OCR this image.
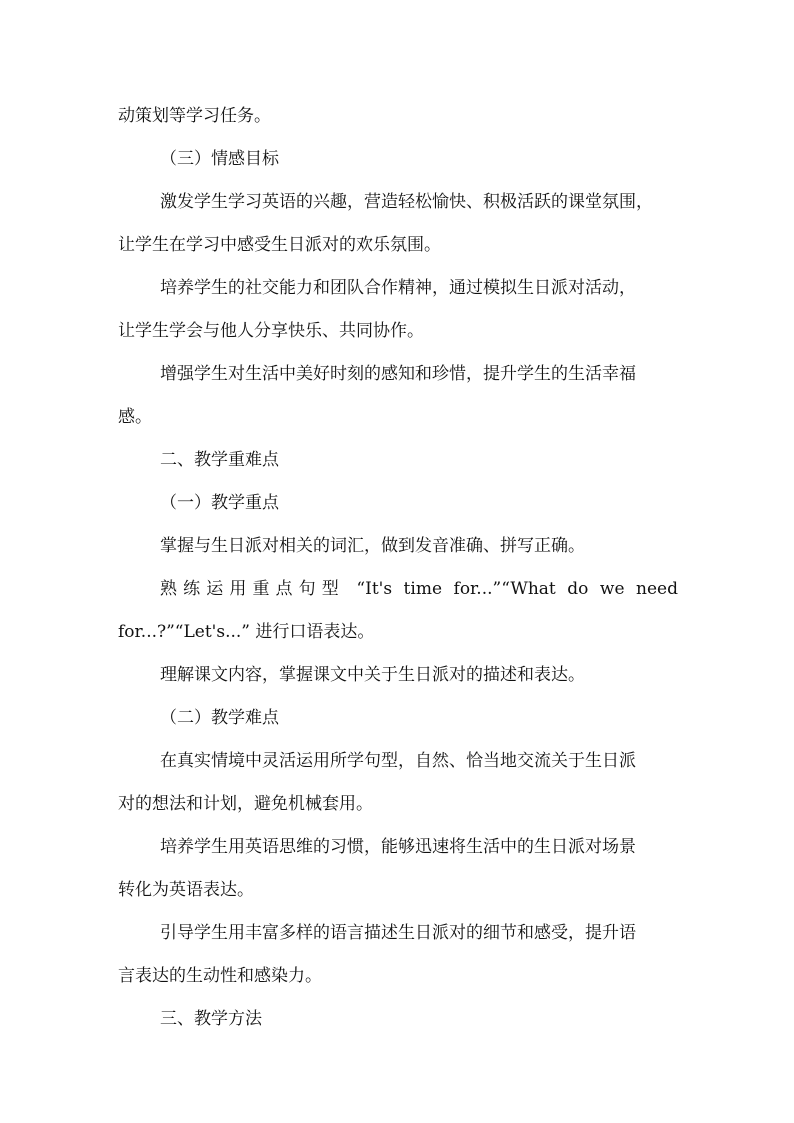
动策划等学习任务。
（三）情感目标
激发学生学习英语的兴趣，营造轻松愉快、积极活跃的课堂氛围，
让学生在学习中感受生日派对的欢乐氛围。
培养学生的社交能力和团队合作精神，通过模拟生日派对活动，
让学生学会与他人分享快乐、共同协作。
增强学生对生活中美好时刻的感知和珍惜，提升学生的生活幸福
感。
二、教学重难点
（一）教学重点
掌握与生日派对相关的词汇，做到发音准确、拼写正确。
熟练运用重点句型 “It's time for...”“What do we need
for...?”“Let's...” 进行口语表达。
理解课文内容，掌握课文中关于生日派对的描述和表达。
（二）教学难点
在真实情境中灵活运用所学句型，自然、恰当地交流关于生日派
对的想法和计划，避免机械套用。
培养学生用英语思维的习惯，能够迅速将生活中的生日派对场景
转化为英语表达。
引导学生用丰富多样的语言描述生日派对的细节和感受，提升语
言表达的生动性和感染力。
三、教学方法
